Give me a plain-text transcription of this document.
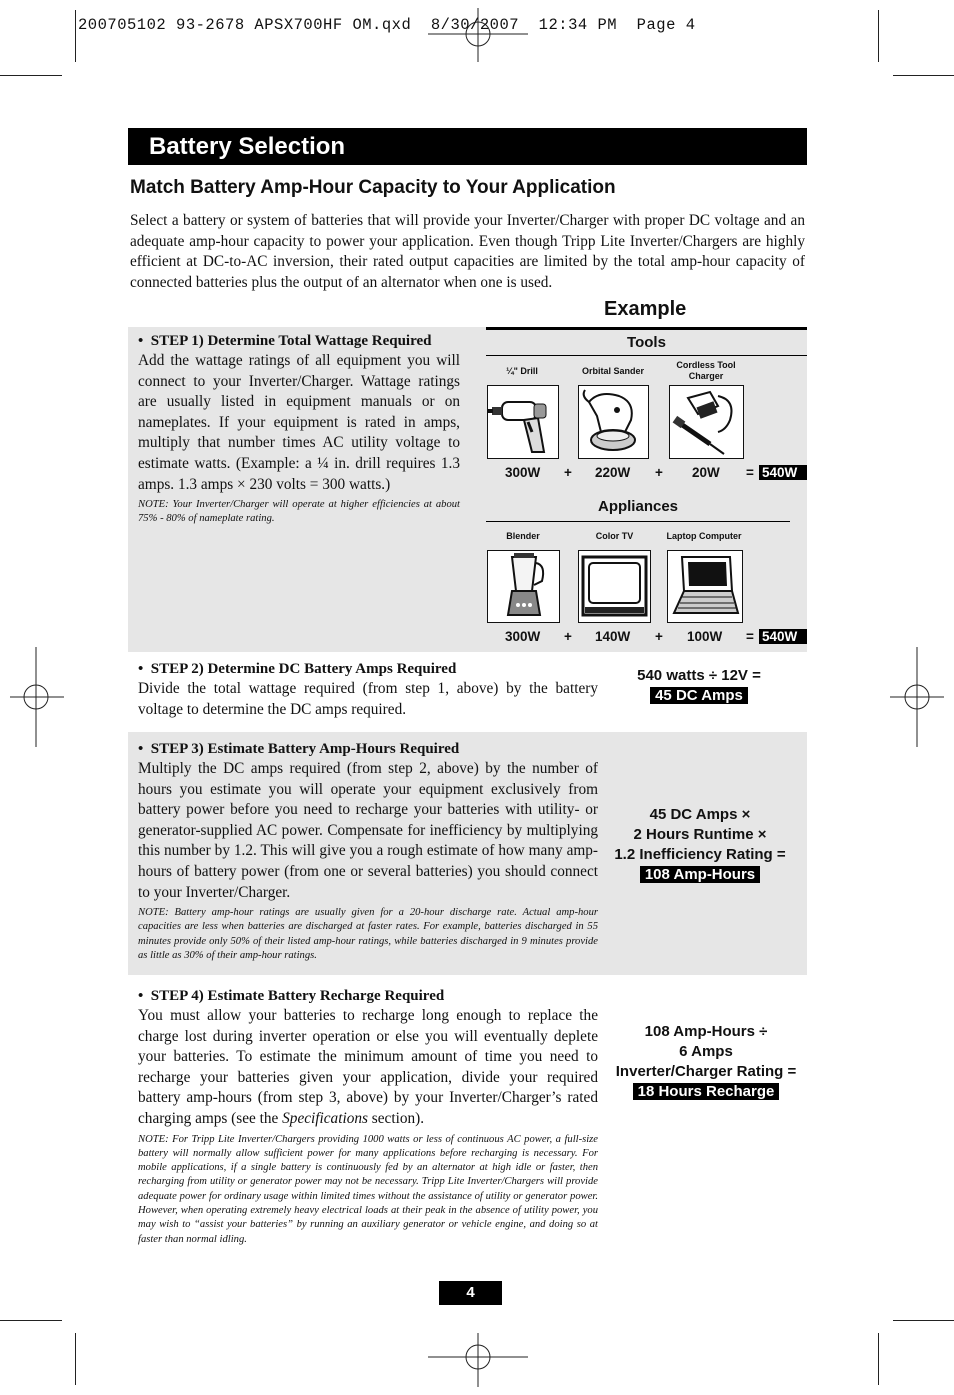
200705102 93-2678 APSX700HF OM.qxd  8/30/2007  12:34 PM  Page 4
Battery Selection
Match Battery Amp-Hour Capacity to Your Application
Select a battery or system of batteries that will provide your Inverter/Charger with proper DC voltage and an adequate amp-hour capacity to power your application. Even though Tripp Lite Inverter/Chargers are highly efficient at DC-to-AC inversion, their rated output capacities are limited by the total amp-hour capacity of connected batteries plus the output of an alternator when one is used.
• STEP 1) Determine Total Wattage Required
Add the wattage ratings of all equipment you will connect to your Inverter/Charger. Wattage ratings are usually listed in equipment manuals or on nameplates. If your equipment is rated in amps, multiply that number times AC utility voltage to estimate watts. (Example: a ¼ in. drill requires 1.3 amps. 1.3 amps × 230 volts = 300 watts.)
NOTE: Your Inverter/Charger will operate at higher efficiencies at about 75% - 80% of nameplate rating.
Example
Tools
¼" Drill	Orbital Sander
Cordless Tool Charger
300W + 220W + 20W = 540W
Appliances
Blender	Color TV	Laptop Computer
300W + 140W + 100W = 540W
• STEP 2) Determine DC Battery Amps Required
Divide the total wattage required (from step 1, above) by the battery voltage to determine the DC amps required.
540 watts ÷ 12V =
45 DC Amps
• STEP 3) Estimate Battery Amp-Hours Required
Multiply the DC amps required (from step 2, above) by the number of hours you estimate you will operate your equipment exclusively from battery power before you need to recharge your batteries with utility- or generator-supplied AC power. Compensate for inefficiency by multiplying this number by 1.2. This will give you a rough estimate of how many amp-hours of battery power (from one or several batteries) you should connect to your Inverter/Charger.
NOTE: Battery amp-hour ratings are usually given for a 20-hour discharge rate. Actual amp-hour capacities are less when batteries are discharged at faster rates. For example, batteries discharged in 55 minutes provide only 50% of their listed amp-hour ratings, while batteries discharged in 9 minutes provide as little as 30% of their amp-hour ratings.
45 DC Amps ×
2 Hours Runtime ×
1.2 Inefficiency Rating =
108 Amp-Hours
• STEP 4) Estimate Battery Recharge Required
You must allow your batteries to recharge long enough to replace the charge lost during inverter operation or else you will eventually deplete your batteries. To estimate the minimum amount of time you need to recharge your batteries given your application, divide your required battery amp-hours (from step 3, above) by your Inverter/Charger’s rated charging amps (see the Specifications section).
NOTE: For Tripp Lite Inverter/Chargers providing 1000 watts or less of continuous AC power, a full-size battery will normally allow sufficient power for many applications before recharging is necessary. For mobile applications, if a single battery is continuously fed by an alternator at high idle or faster, then recharging from utility or generator power may not be necessary. Tripp Lite Inverter/Chargers will provide adequate power for ordinary usage within limited times without the assistance of utility or generator power. However, when operating extremely heavy electrical loads at their peak in the absence of utility power, you may wish to “assist your batteries” by running an auxiliary generator or vehicle engine, and doing so at faster than normal idling.
108 Amp-Hours ÷
6 Amps
Inverter/Charger Rating =
18 Hours Recharge
4
